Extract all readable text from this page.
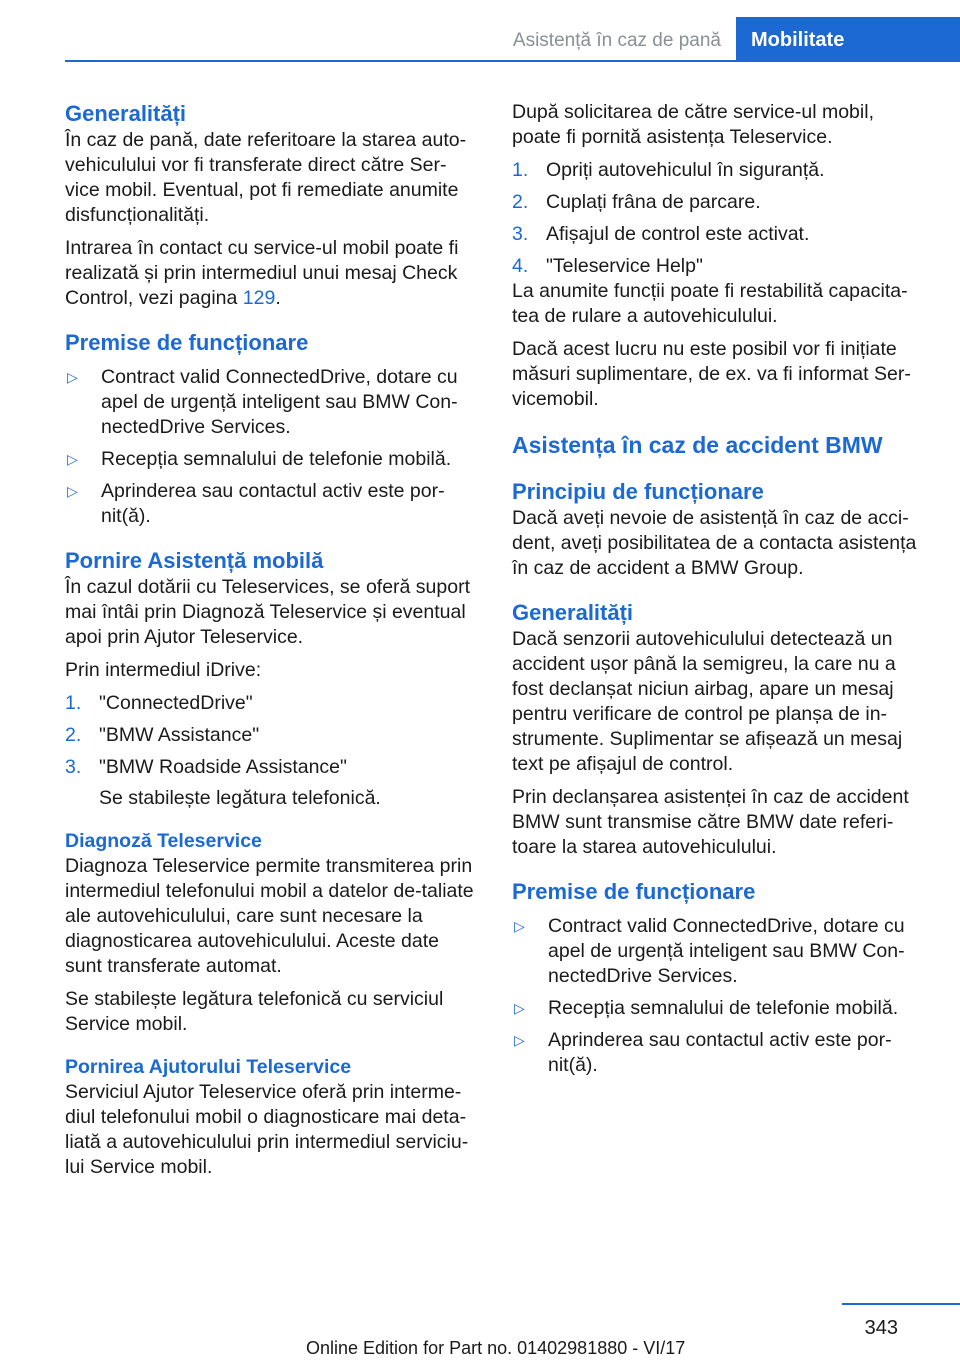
Asistență în caz de pană	Mobilitate
Generalități

În caz de pană, date referitoare la starea auto-vehiculului vor fi transferate direct către Ser-vice mobil. Eventual, pot fi remediate anumite disfuncționalități.

Intrarea în contact cu service-ul mobil poate fi realizată și prin intermediul unui mesaj Check Control, vezi pagina 129.

Premise de funcționare
▷	Contract valid ConnectedDrive, dotare cu apel de urgență inteligent sau BMW Con-nectedDrive Services.
▷	Recepția semnalului de telefonie mobilă.
▷	Aprinderea sau contactul activ este por-nit(ă).
Pornire Asistență mobilă

În cazul dotării cu Teleservices, se oferă suport mai întâi prin Diagnoză Teleservice și eventual apoi prin Ajutor Teleservice.

Prin intermediul iDrive:

1. "ConnectedDrive"
2. "BMW Assistance"
3. "BMW Roadside Assistance"
Se stabilește legătura telefonică.
Diagnoză Teleservice

Diagnoza Teleservice permite transmiterea prin intermediul telefonului mobil a datelor de-taliate ale autovehiculului, care sunt necesare la diagnosticarea autovehiculului. Aceste date sunt transferate automat.

Se stabilește legătura telefonică cu serviciul Service mobil.

Pornirea Ajutorului Teleservice

Serviciul Ajutor Teleservice oferă prin interme-diul telefonului mobil o diagnosticare mai deta-liată a autovehiculului prin intermediul serviciu-lui Service mobil.

După solicitarea de către service-ul mobil, poate fi pornită asistența Teleservice.

1. Opriți autovehiculul în siguranță.
2. Cuplați frâna de parcare.
3. Afișajul de control este activat.
4. "Teleservice Help"

La anumite funcții poate fi restabilită capacita-tea de rulare a autovehiculului.

Dacă acest lucru nu este posibil vor fi inițiate măsuri suplimentare, de ex. va fi informat Ser-vicemobil.

Asistența în caz de accident BMW
Principiu de funcționare

Dacă aveți nevoie de asistență în caz de acci-dent, aveți posibilitatea de a contacta asistența în caz de accident a BMW Group.

Generalități

Dacă senzorii autovehiculului detectează un accident ușor până la semigreu, la care nu a fost declanșat niciun airbag, apare un mesaj pentru verificare de control pe planșa de in-strumente. Suplimentar se afișează un mesaj text pe afișajul de control.

Prin declanșarea asistenței în caz de accident BMW sunt transmise către BMW date referi-toare la starea autovehiculului.

Premise de funcționare
▷	Contract valid ConnectedDrive, dotare cu apel de urgență inteligent sau BMW Con-nectedDrive Services.
▷	Recepția semnalului de telefonie mobilă.
▷	Aprinderea sau contactul activ este por-nit(ă).
343
Online Edition for Part no. 01402981880 - VI/17
